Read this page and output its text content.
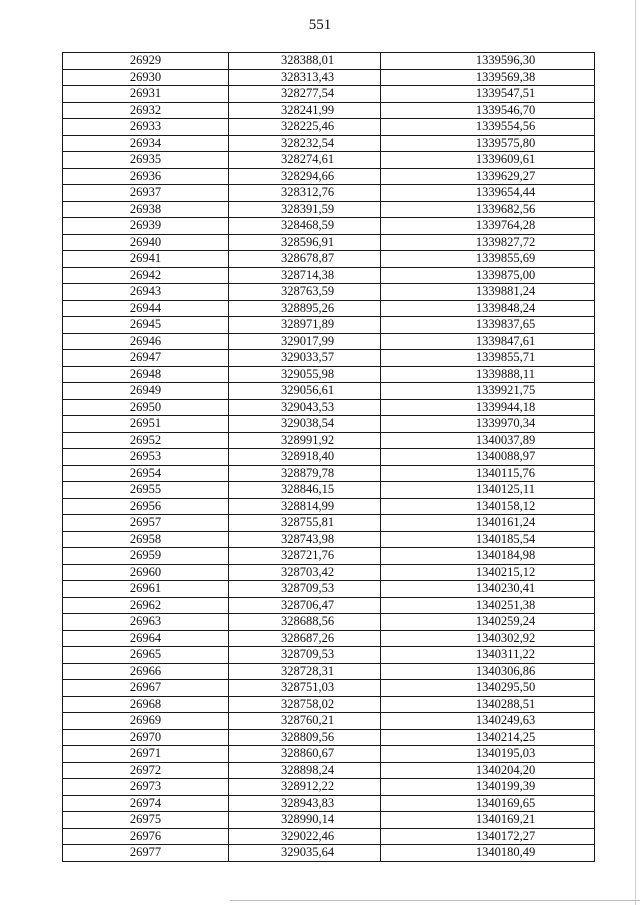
551
26929	328388,01	1339596,30
26930	328313,43	1339569,38
26931	328277,54	1339547,51
26932	328241,99	1339546,70
26933	328225,46	1339554,56
26934	328232,54	1339575,80
26935	328274,61	1339609,61
26936	328294,66	1339629,27
26937	328312,76	1339654,44
26938	328391,59	1339682,56
26939	328468,59	1339764,28
26940	328596,91	1339827,72
26941	328678,87	1339855,69
26942	328714,38	1339875,00
26943	328763,59	1339881,24
26944	328895,26	1339848,24
26945	328971,89	1339837,65
26946	329017,99	1339847,61
26947	329033,57	1339855,71
26948	329055,98	1339888,11
26949	329056,61	1339921,75
26950	329043,53	1339944,18
26951	329038,54	1339970,34
26952	328991,92	1340037,89
26953	328918,40	1340088,97
26954	328879,78	1340115,76
26955	328846,15	1340125,11
26956	328814,99	1340158,12
26957	328755,81	1340161,24
26958	328743,98	1340185,54
26959	328721,76	1340184,98
26960	328703,42	1340215,12
26961	328709,53	1340230,41
26962	328706,47	1340251,38
26963	328688,56	1340259,24
26964	328687,26	1340302,92
26965	328709,53	1340311,22
26966	328728,31	1340306,86
26967	328751,03	1340295,50
26968	328758,02	1340288,51
26969	328760,21	1340249,63
26970	328809,56	1340214,25
26971	328860,67	1340195,03
26972	328898,24	1340204,20
26973	328912,22	1340199,39
26974	328943,83	1340169,65
26975	328990,14	1340169,21
26976	329022,46	1340172,27
26977	329035,64	1340180,49
